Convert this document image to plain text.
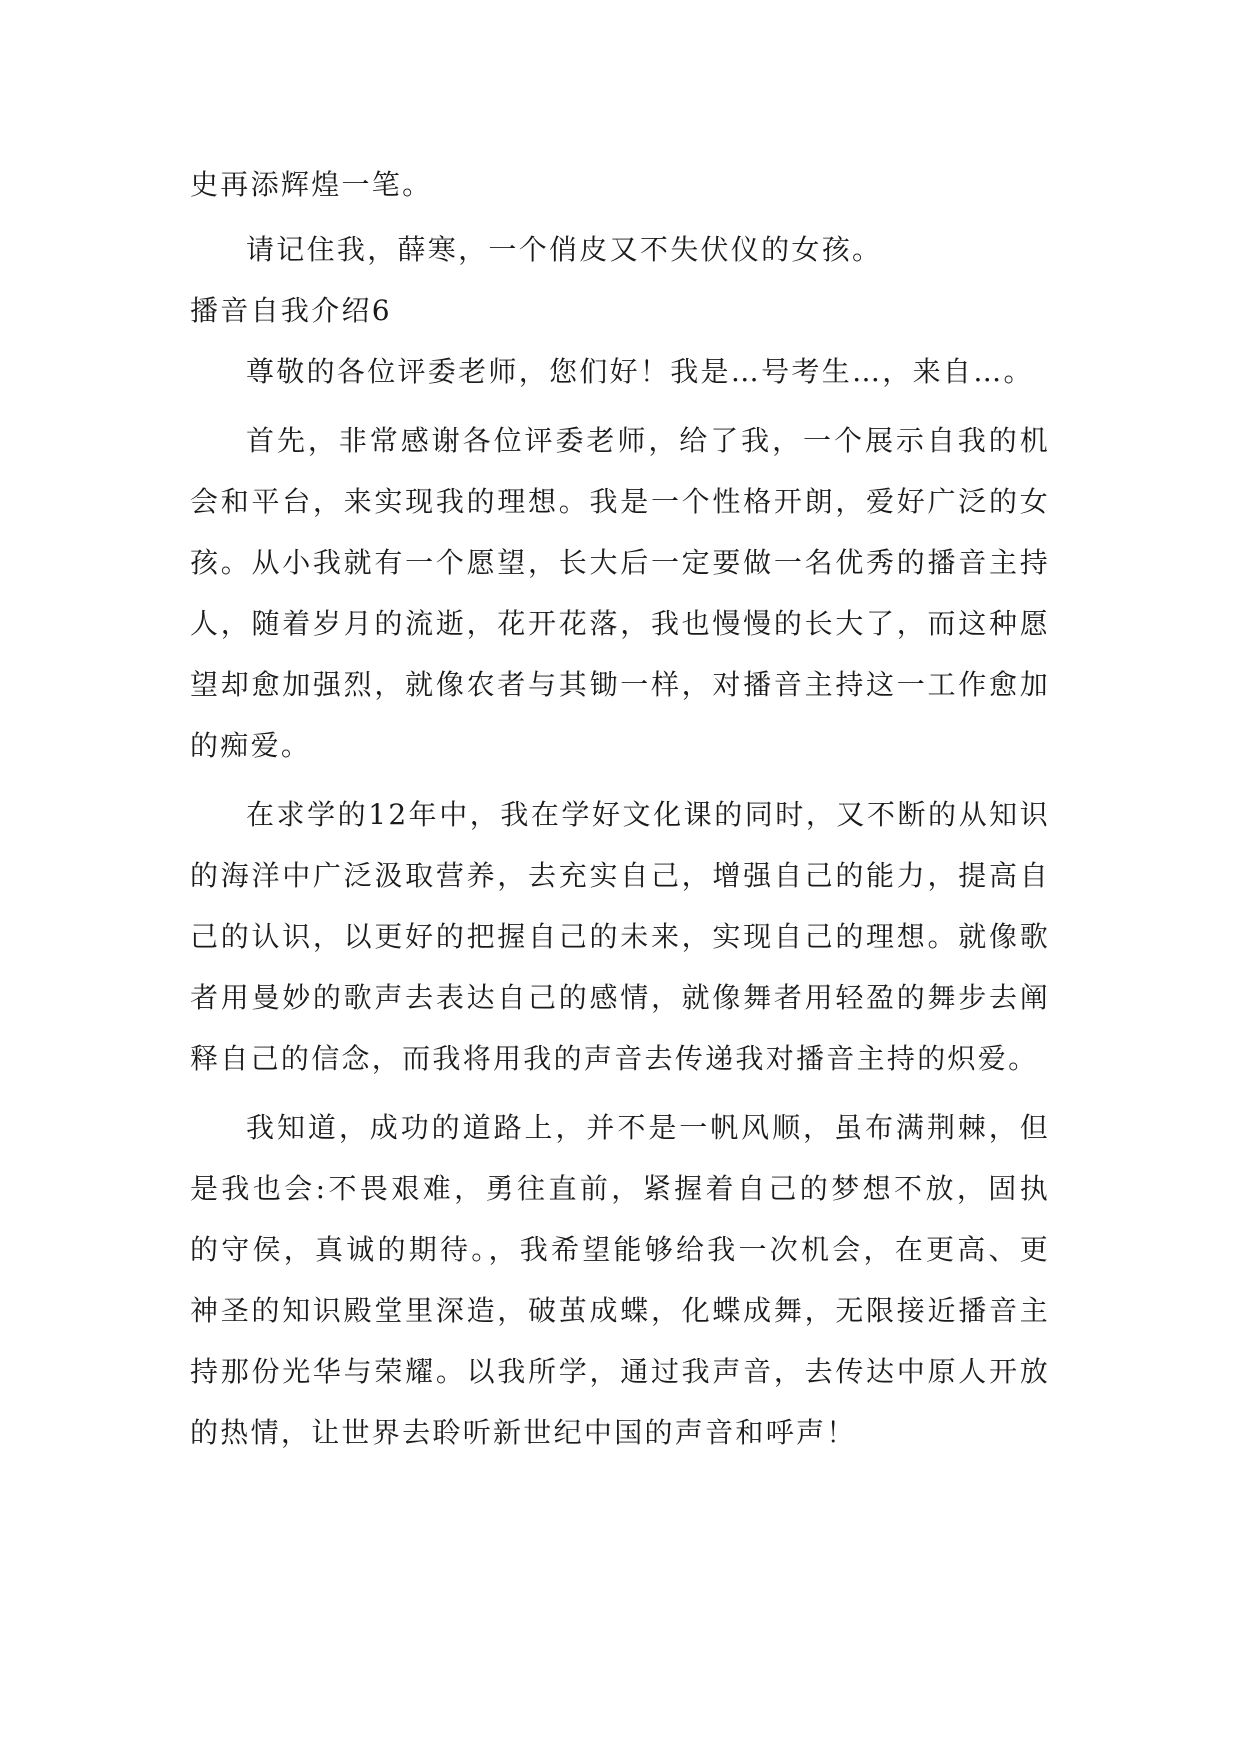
史再添辉煌一笔。

请记住我，薛寒，一个俏皮又不失伏仪的女孩。

播音自我介绍6

尊敬的各位评委老师，您们好！我是…号考生…，来自…。

首先，非常感谢各位评委老师，给了我，一个展示自我的机会和平台，来实现我的理想。我是一个性格开朗，爱好广泛的女孩。从小我就有一个愿望，长大后一定要做一名优秀的播音主持人，随着岁月的流逝，花开花落，我也慢慢的长大了，而这种愿望却愈加强烈，就像农者与其锄一样，对播音主持这一工作愈加的痴爱。

在求学的12年中，我在学好文化课的同时，又不断的从知识的海洋中广泛汲取营养，去充实自己，增强自己的能力，提高自己的认识，以更好的把握自己的未来，实现自己的理想。就像歌者用曼妙的歌声去表达自己的感情，就像舞者用轻盈的舞步去阐释自己的信念，而我将用我的声音去传递我对播音主持的炽爱。

我知道，成功的道路上，并不是一帆风顺，虽布满荆棘，但是我也会:不畏艰难，勇往直前，紧握着自己的梦想不放，固执的守侯，真诚的期待。，我希望能够给我一次机会，在更高、更神圣的知识殿堂里深造，破茧成蝶，化蝶成舞，无限接近播音主持那份光华与荣耀。以我所学，通过我声音，去传达中原人开放的热情，让世界去聆听新世纪中国的声音和呼声！
